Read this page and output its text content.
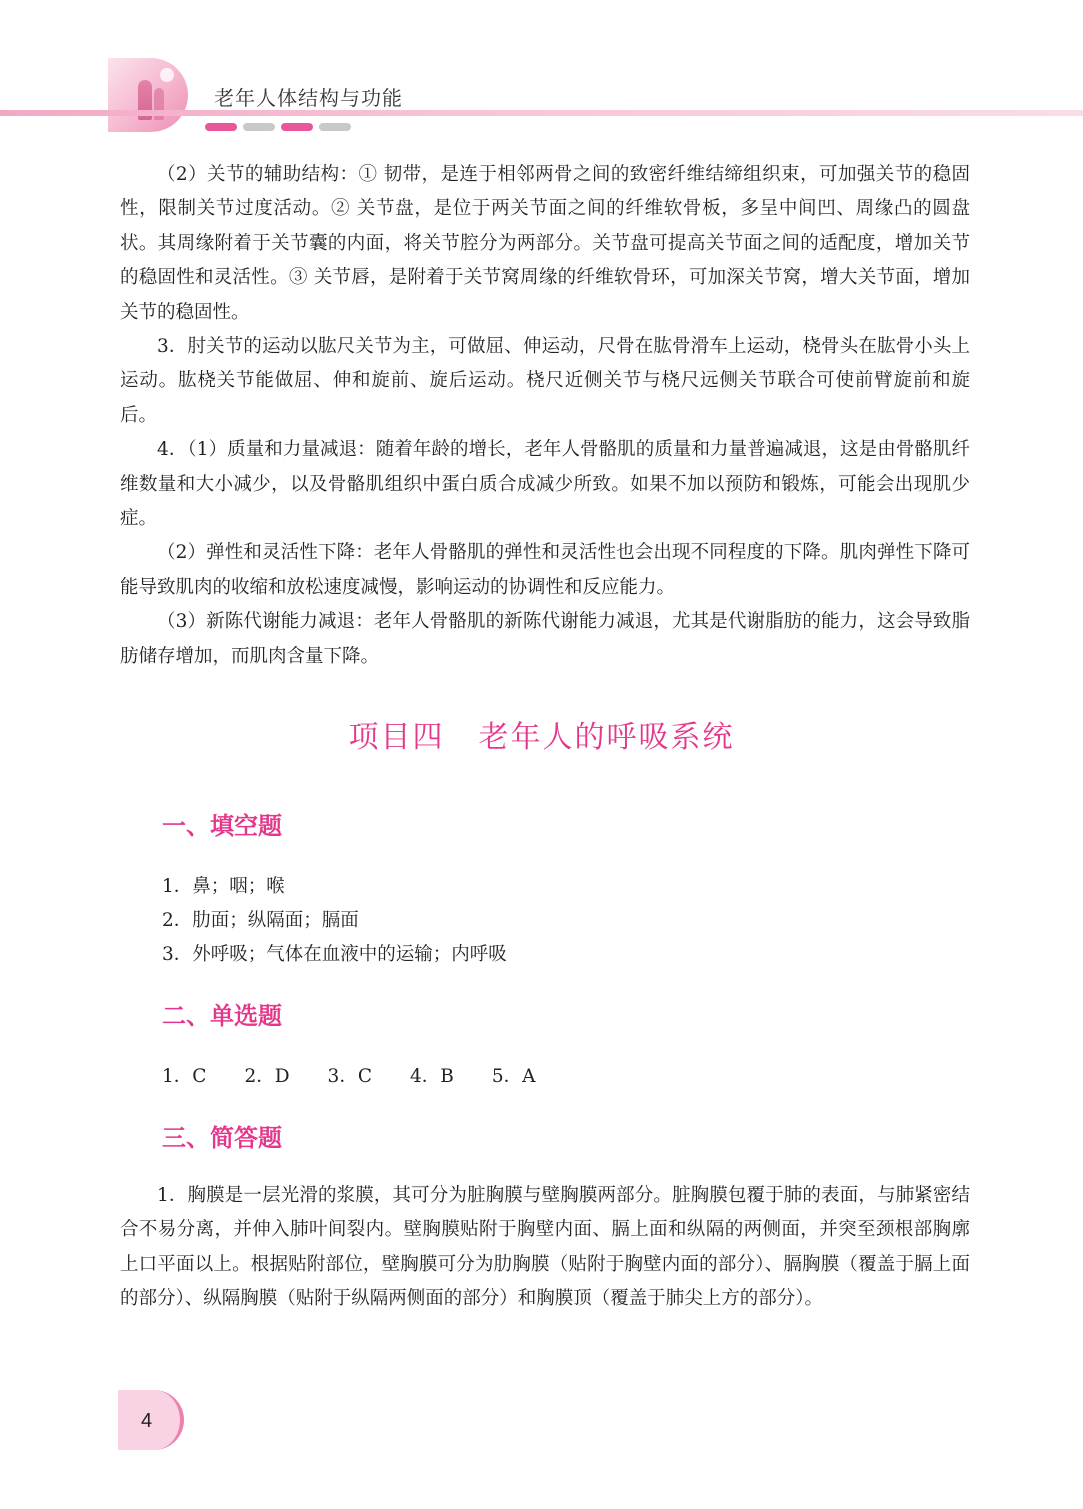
老年人体结构与功能

（2）关节的辅助结构：① 韧带，是连于相邻两骨之间的致密纤维结缔组织束，可加强关节的稳固性，限制关节过度活动。② 关节盘，是位于两关节面之间的纤维软骨板，多呈中间凹、周缘凸的圆盘状。其周缘附着于关节囊的内面，将关节腔分为两部分。关节盘可提高关节面之间的适配度，增加关节的稳固性和灵活性。③ 关节唇，是附着于关节窝周缘的纤维软骨环，可加深关节窝，增大关节面，增加关节的稳固性。

3．肘关节的运动以肱尺关节为主，可做屈、伸运动，尺骨在肱骨滑车上运动，桡骨头在肱骨小头上运动。肱桡关节能做屈、伸和旋前、旋后运动。桡尺近侧关节与桡尺远侧关节联合可使前臂旋前和旋后。

4．（1）质量和力量减退：随着年龄的增长，老年人骨骼肌的质量和力量普遍减退，这是由骨骼肌纤维数量和大小减少，以及骨骼肌组织中蛋白质合成减少所致。如果不加以预防和锻炼，可能会出现肌少症。

（2）弹性和灵活性下降：老年人骨骼肌的弹性和灵活性也会出现不同程度的下降。肌肉弹性下降可能导致肌肉的收缩和放松速度减慢，影响运动的协调性和反应能力。

（3）新陈代谢能力减退：老年人骨骼肌的新陈代谢能力减退，尤其是代谢脂肪的能力，这会导致脂肪储存增加，而肌肉含量下降。

项目四 老年人的呼吸系统
一、填空题
1．鼻；咽；喉
2．肋面；纵隔面；膈面
3．外呼吸；气体在血液中的运输；内呼吸
二、单选题
1．C 2．D 3．C 4．B 5．A
三、简答题

1．胸膜是一层光滑的浆膜，其可分为脏胸膜与壁胸膜两部分。脏胸膜包覆于肺的表面，与肺紧密结合不易分离，并伸入肺叶间裂内。壁胸膜贴附于胸壁内面、膈上面和纵隔的两侧面，并突至颈根部胸廓上口平面以上。根据贴附部位，壁胸膜可分为肋胸膜（贴附于胸壁内面的部分）、膈胸膜（覆盖于膈上面的部分）、纵隔胸膜（贴附于纵隔两侧面的部分）和胸膜顶（覆盖于肺尖上方的部分）。

4
